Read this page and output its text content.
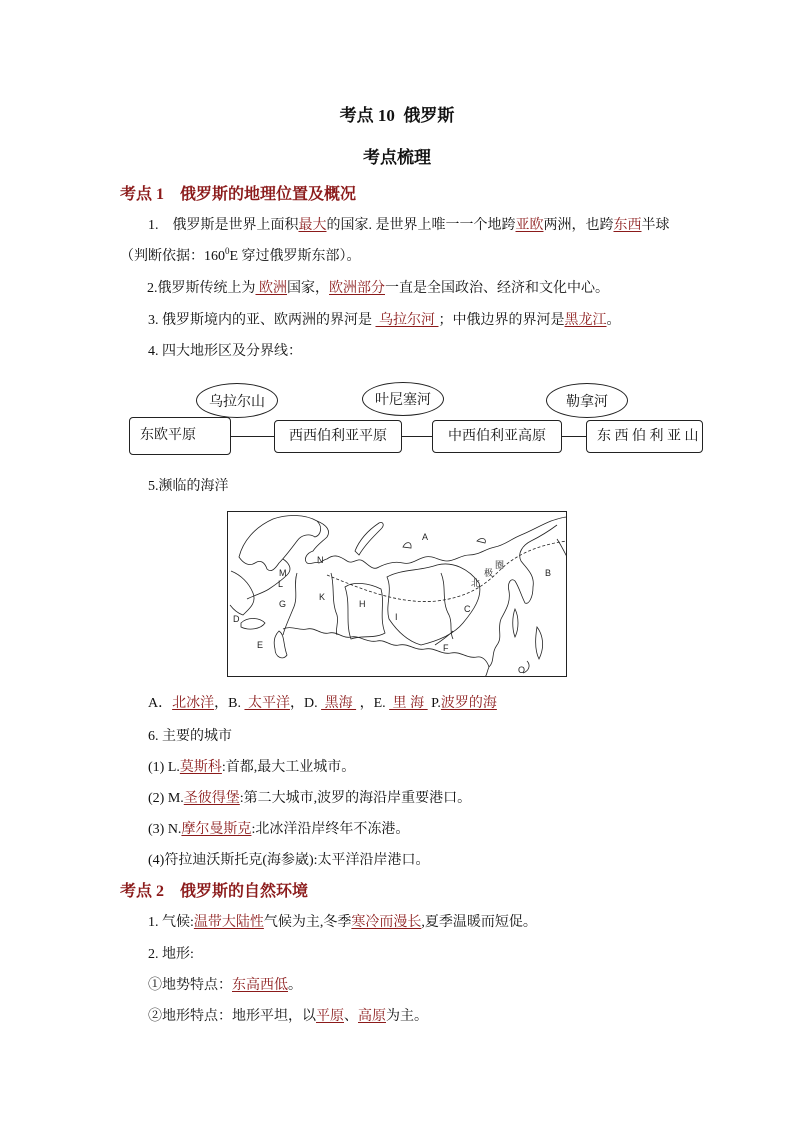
考点 10  俄罗斯
考点梳理
考点 1　俄罗斯的地理位置及概况
1.　俄罗斯是世界上面积最大的国家. 是世界上唯一一个地跨亚欧两洲，也跨东西半球
（判断依据：$160^0E$ 穿过俄罗斯东部）。
2.俄罗斯传统上为 欧洲国家，欧洲部分一直是全国政治、经济和文化中心。
3. 俄罗斯境内的亚、欧两洲的界河是  乌拉尔河 ；中俄边界的界河是黑龙江。
4. 四大地形区及分界线：
东欧平原	西西伯利亚平原	中西伯利亚高原	东 西 伯 利 亚 山
乌拉尔山	叶尼塞河	勒拿河
5.濒临的海洋
A
B
C
D
E	F
G	H
I
K
L
M
N
O
北
极
圈
A．北冰洋，B.  太平洋，D.  黑海  ，E.  里 海  P.波罗的海
6. 主要的城市
(1) L.莫斯科:首都,最大工业城市。
(2) M.圣彼得堡:第二大城市,波罗的海沿岸重要港口。
(3) N.摩尔曼斯克:北冰洋沿岸终年不冻港。
(4)符拉迪沃斯托克(海参崴):太平洋沿岸港口。
考点 2　俄罗斯的自然环境
1. 气候:温带大陆性气候为主,冬季寒冷而漫长,夏季温暖而短促。
2. 地形:
①地势特点：东高西低。
②地形特点：地形平坦，以平原、高原为主。
